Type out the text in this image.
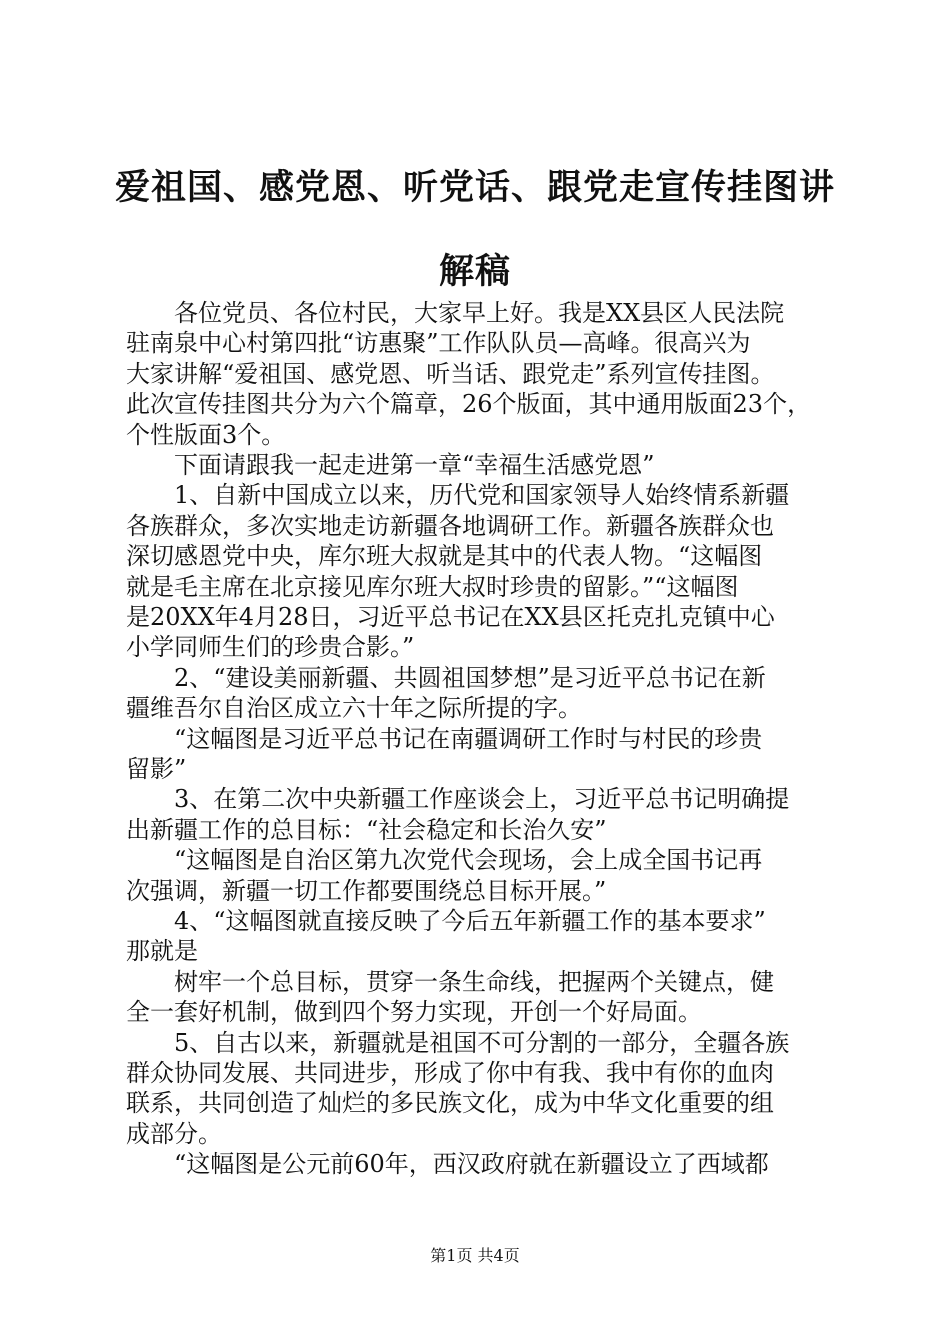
爱祖国、感党恩、听党话、跟党走宣传挂图讲
解稿

　　各位党员、各位村民，大家早上好。我是XX县区人民法院

驻南泉中心村第四批“访惠聚”工作队队员—高峰。很高兴为

大家讲解“爱祖国、感党恩、听当话、跟党走”系列宣传挂图。

此次宣传挂图共分为六个篇章，26个版面，其中通用版面23个，

个性版面3个。

　　下面请跟我一起走进第一章“幸福生活感党恩”

　　1、自新中国成立以来，历代党和国家领导人始终情系新疆

各族群众，多次实地走访新疆各地调研工作。新疆各族群众也

深切感恩党中央，库尔班大叔就是其中的代表人物。“这幅图

就是毛主席在北京接见库尔班大叔时珍贵的留影。”“这幅图

是20XX年4月28日，习近平总书记在XX县区托克扎克镇中心

小学同师生们的珍贵合影。”

　　2、“建设美丽新疆、共圆祖国梦想”是习近平总书记在新

疆维吾尔自治区成立六十年之际所提的字。

　　“这幅图是习近平总书记在南疆调研工作时与村民的珍贵

留影”

　　3、在第二次中央新疆工作座谈会上，习近平总书记明确提

出新疆工作的总目标：“社会稳定和长治久安”

　　“这幅图是自治区第九次党代会现场，会上成全国书记再

次强调，新疆一切工作都要围绕总目标开展。”

　　4、“这幅图就直接反映了今后五年新疆工作的基本要求”

那就是

　　树牢一个总目标，贯穿一条生命线，把握两个关键点，健

全一套好机制，做到四个努力实现，开创一个好局面。

　　5、自古以来，新疆就是祖国不可分割的一部分，全疆各族

群众协同发展、共同进步，形成了你中有我、我中有你的血肉

联系，共同创造了灿烂的多民族文化，成为中华文化重要的组

成部分。

　　“这幅图是公元前60年，西汉政府就在新疆设立了西域都

第1页 共4页
